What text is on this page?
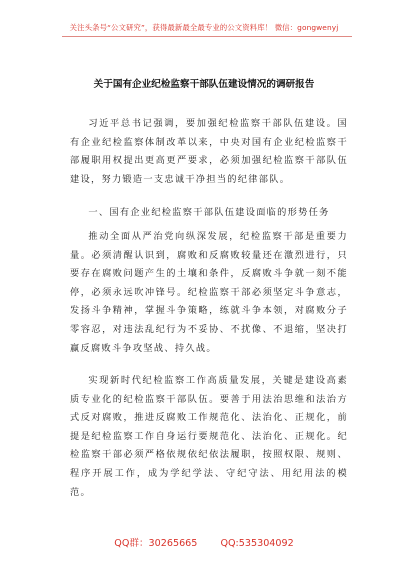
关注头条号“公文研究”，获得最新最全最专业的公文资料库！ 微信：gongwenyj
关于国有企业纪检监察干部队伍建设情况的调研报告

习近平总书记强调，要加强纪检监察干部队伍建设。国有企业纪检监察体制改革以来，中央对国有企业纪检监察干部履职用权提出更高更严要求，必须加强纪检监察干部队伍建设，努力锻造一支忠诚干净担当的纪律部队。

一、国有企业纪检监察干部队伍建设面临的形势任务

推动全面从严治党向纵深发展，纪检监察干部是重要力量。必须清醒认识到，腐败和反腐败较量还在激烈进行，只要存在腐败问题产生的土壤和条件，反腐败斗争就一刻不能停，必须永远吹冲锋号。纪检监察干部必须坚定斗争意志，发扬斗争精神，掌握斗争策略，练就斗争本领，对腐败分子零容忍，对违法乱纪行为不妥协、不扰像、不退缩，坚决打赢反腐败斗争攻坚战、持久战。

实现新时代纪检监察工作高质量发展，关键是建设高素质专业化的纪检监察干部队伍。要善于用法治思维和法治方式反对腐败，推进反腐败工作规范化、法治化、正规化，前提是纪检监察工作自身运行要规范化、法治化、正规化。纪检监察干部必须严格依规依纪依法履职，按照权限、规则、程序开展工作，成为学纪学法、守纪守法、用纪用法的模范。

QQ群：30265665 QQ:535304092
